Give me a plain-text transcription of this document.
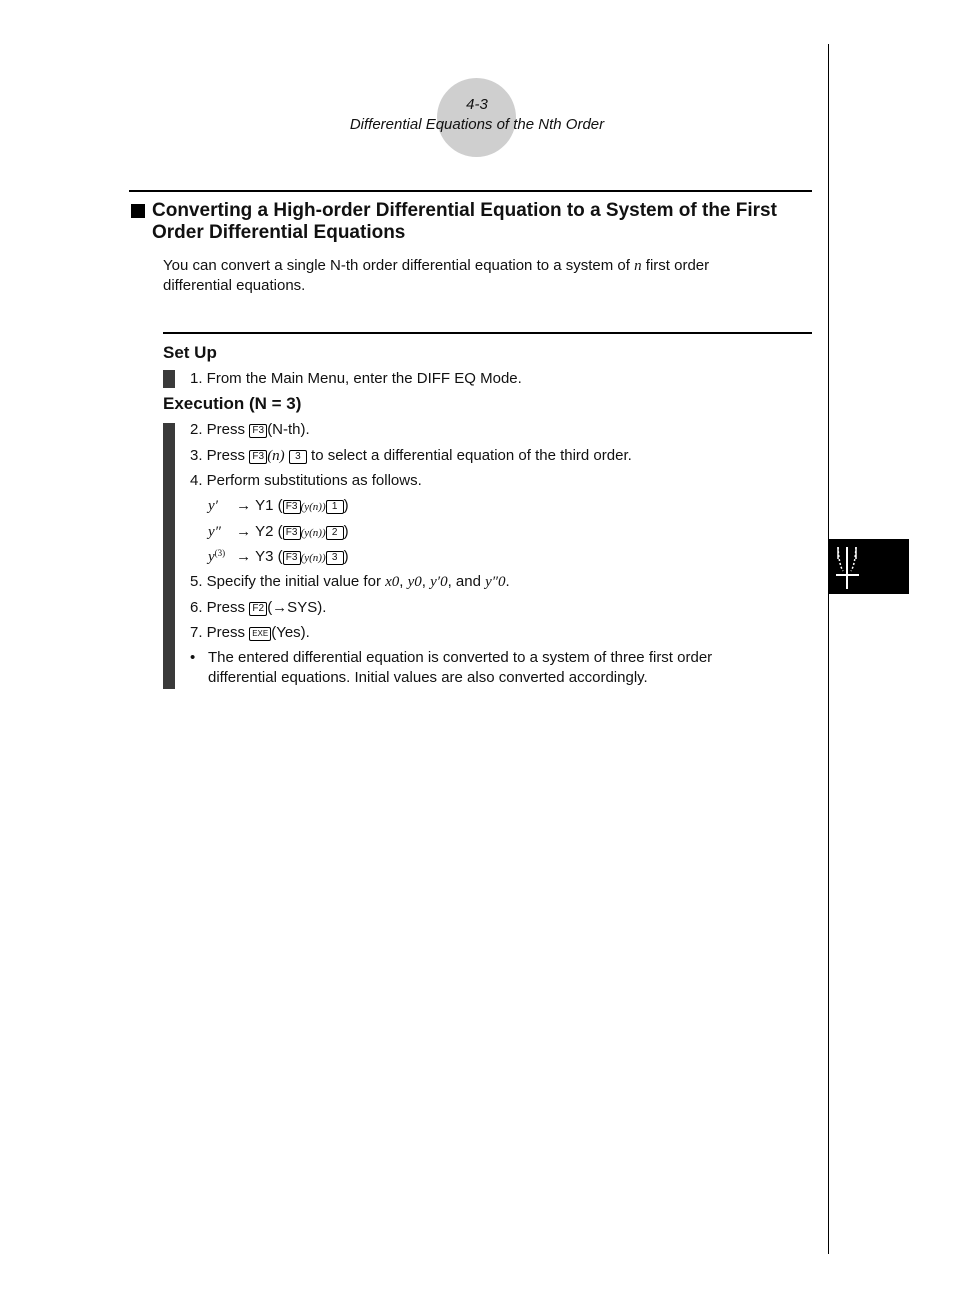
4-3
Differential Equations of the Nth Order
Converting a High-order Differential Equation to a System of the First
Order Differential Equations
You can convert a single N-th order differential equation to a system of n first order
differential equations.
Set Up
1. From the Main Menu, enter the DIFF EQ Mode.
Execution (N = 3)
2. Press F3 (N-th).
3. Press F3 (n) 3 to select a differential equation of the third order.
4. Perform substitutions as follows.
y′ → Y1 ( F3 (y(n)) 1 )
y″ → Y2 ( F3 (y(n)) 2 )
$y^{(3)} \to Y3$ ( F3 (y(n)) 3 )
5. Specify the initial value for x0, y0, y′0, and y″0.
6. Press F2 (→SYS).
7. Press EXE (Yes).
• The entered differential equation is converted to a system of three first order
differential equations. Initial values are also converted accordingly.
